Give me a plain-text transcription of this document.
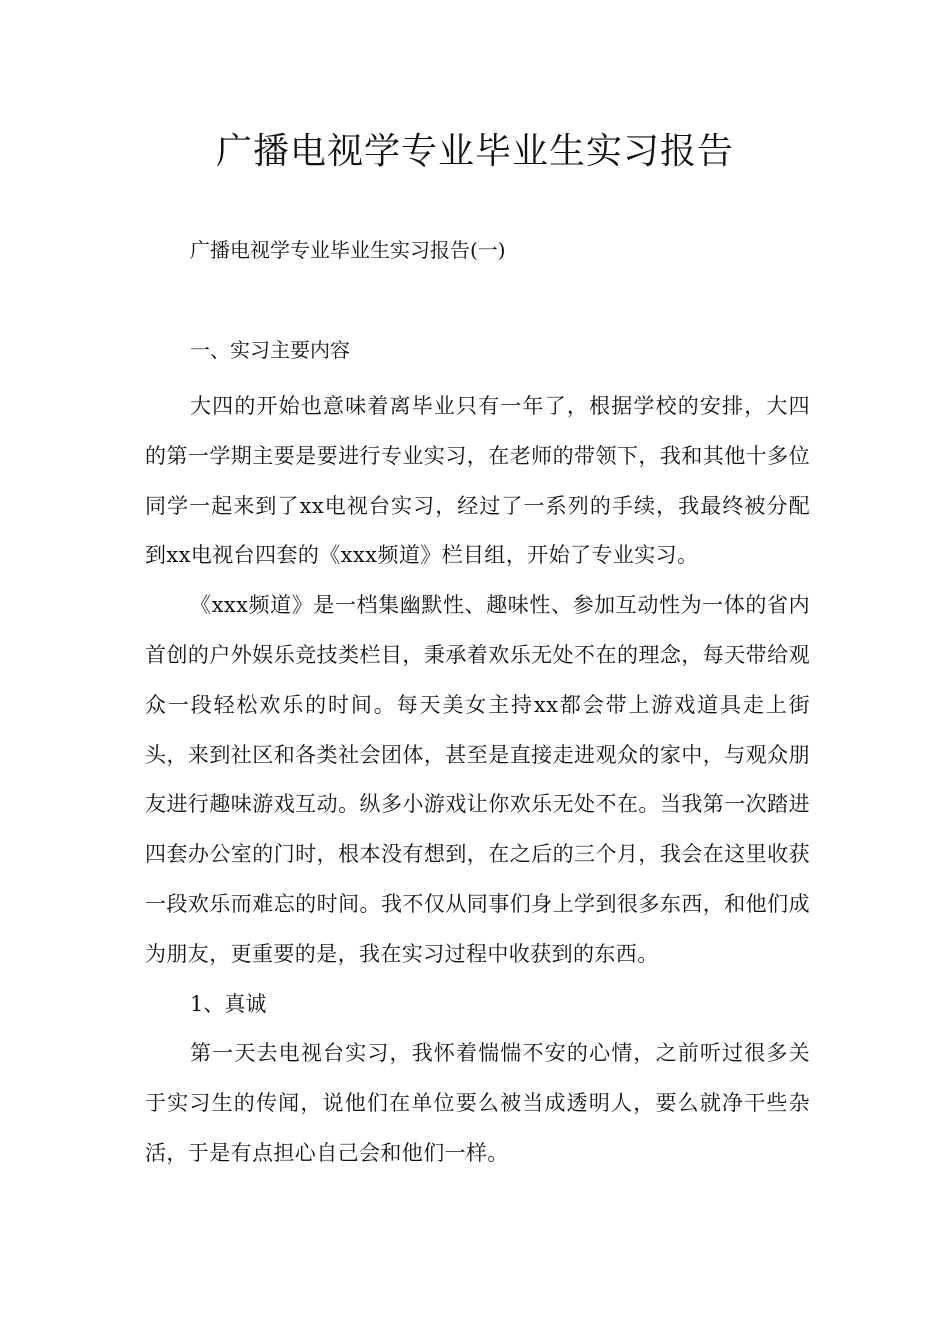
广播电视学专业毕业生实习报告

广播电视学专业毕业生实习报告(一)

一、实习主要内容

大四的开始也意味着离毕业只有一年了，根据学校的安排，大四的第一学期主要是要进行专业实习，在老师的带领下，我和其他十多位同学一起来到了xx电视台实习，经过了一系列的手续，我最终被分配到xx电视台四套的《xxx频道》栏目组，开始了专业实习。

《xxx频道》是一档集幽默性、趣味性、参加互动性为一体的省内首创的户外娱乐竞技类栏目，秉承着欢乐无处不在的理念，每天带给观众一段轻松欢乐的时间。每天美女主持xx都会带上游戏道具走上街头，来到社区和各类社会团体，甚至是直接走进观众的家中，与观众朋友进行趣味游戏互动。纵多小游戏让你欢乐无处不在。当我第一次踏进四套办公室的门时，根本没有想到，在之后的三个月，我会在这里收获一段欢乐而难忘的时间。我不仅从同事们身上学到很多东西，和他们成为朋友，更重要的是，我在实习过程中收获到的东西。

1、真诚

第一天去电视台实习，我怀着惴惴不安的心情，之前听过很多关于实习生的传闻，说他们在单位要么被当成透明人，要么就净干些杂活，于是有点担心自己会和他们一样。
